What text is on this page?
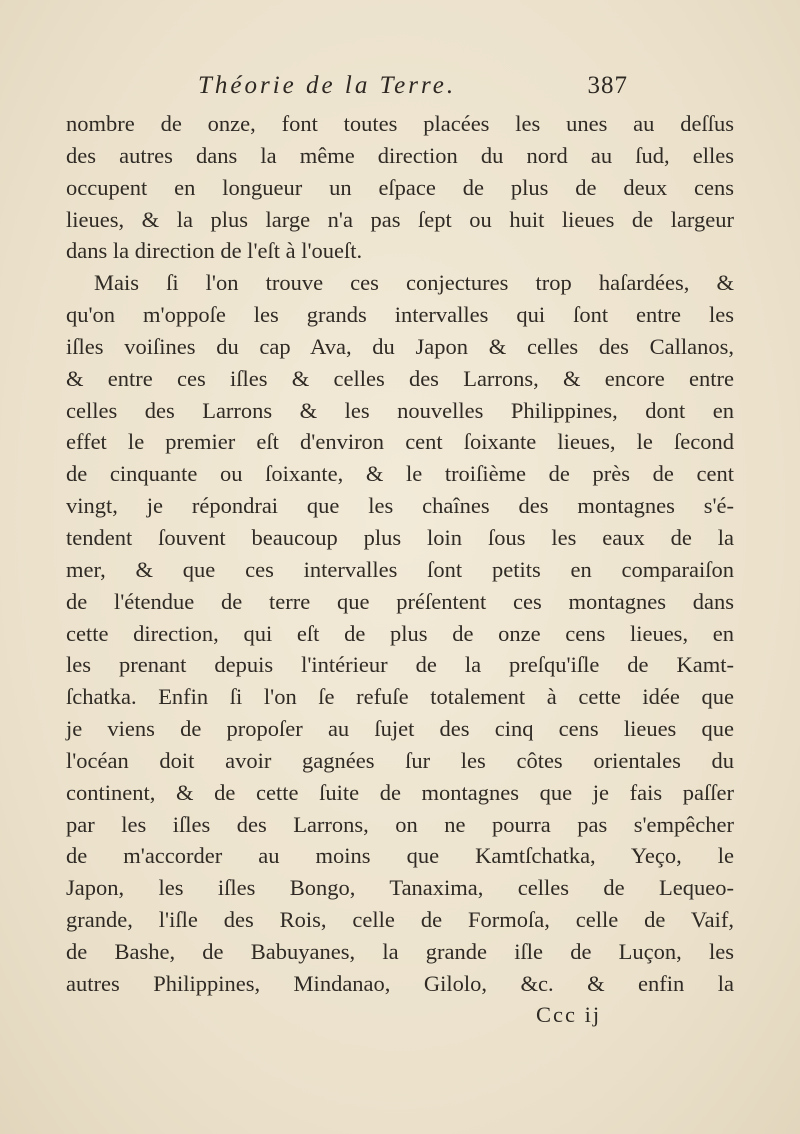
Théorie de la Terre.	387
nombre de onze, font toutes placées les unes au deſſus
des autres dans la même direction du nord au ſud, elles
occupent en longueur un eſpace de plus de deux cens
lieues, & la plus large n'a pas ſept ou huit lieues de largeur
dans la direction de l'eſt à l'oueſt.
Mais ſi l'on trouve ces conjectures trop haſardées, &
qu'on m'oppoſe les grands intervalles qui ſont entre les
iſles voiſines du cap Ava, du Japon & celles des Callanos,
& entre ces iſles & celles des Larrons, & encore entre
celles des Larrons & les nouvelles Philippines, dont en
effet le premier eſt d'environ cent ſoixante lieues, le ſecond
de cinquante ou ſoixante, & le troiſième de près de cent
vingt, je répondrai que les chaînes des montagnes s'é-
tendent ſouvent beaucoup plus loin ſous les eaux de la
mer, & que ces intervalles ſont petits en comparaiſon
de l'étendue de terre que préſentent ces montagnes dans
cette direction, qui eſt de plus de onze cens lieues, en
les prenant depuis l'intérieur de la preſqu'iſle de Kamt-
ſchatka. Enfin ſi l'on ſe refuſe totalement à cette idée que
je viens de propoſer au ſujet des cinq cens lieues que
l'océan doit avoir gagnées ſur les côtes orientales du
continent, & de cette ſuite de montagnes que je fais paſſer
par les iſles des Larrons, on ne pourra pas s'empêcher
de m'accorder au moins que Kamtſchatka, Yeço, le
Japon, les iſles Bongo, Tanaxima, celles de Lequeo-
grande, l'iſle des Rois, celle de Formoſa, celle de Vaif,
de Bashe, de Babuyanes, la grande iſle de Luçon, les
autres Philippines, Mindanao, Gilolo, &c. & enfin la
Ccc ij
